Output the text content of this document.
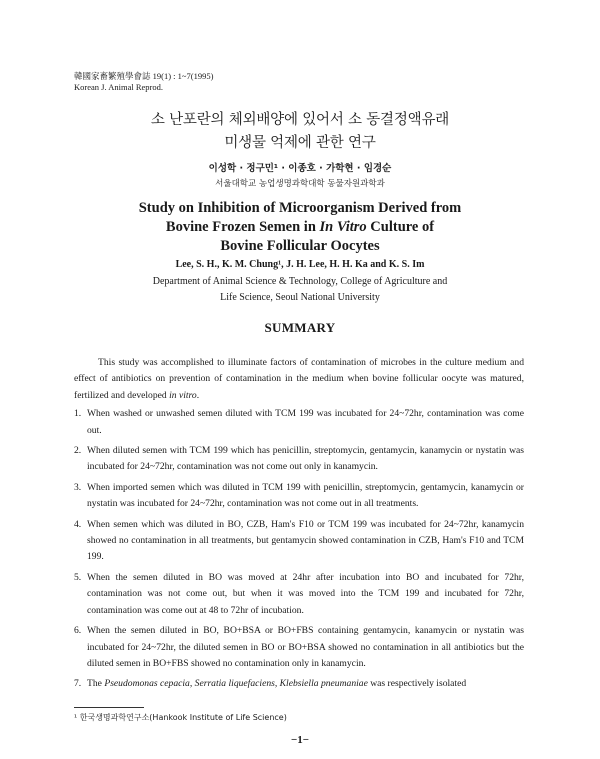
韓國家畜繁殖學會誌 19(1) : 1~7(1995)
Korean J. Animal Reprod.
소 난포란의 체외배양에 있어서 소 동결정액유래
미생물 억제에 관한 연구
이성학 · 정구민¹ · 이종호 · 가학현 · 임경순
서울대학교 농업생명과학대학 동물자원과학과
Study on Inhibition of Microorganism Derived from
Bovine Frozen Semen in In Vitro Culture of
Bovine Follicular Oocytes
Lee, S. H., K. M. Chung¹, J. H. Lee, H. H. Ka and K. S. Im
Department of Animal Science & Technology, College of Agriculture and
Life Science, Seoul National University
SUMMARY

This study was accomplished to illuminate factors of contamination of microbes in the culture medium and effect of antibiotics on prevention of contamination in the medium when bovine follicular oocyte was matured, fertilized and developed in vitro.

1. When washed or unwashed semen diluted with TCM 199 was incubated for 24~72hr, contamination was come out.
2. When diluted semen with TCM 199 which has penicillin, streptomycin, gentamycin, kanamycin or nystatin was incubated for 24~72hr, contamination was not come out only in kanamycin.
3. When imported semen which was diluted in TCM 199 with penicillin, streptomycin, gentamycin, kanamycin or nystatin was incubated for 24~72hr, contamination was not come out in all treatments.
4. When semen which was diluted in BO, CZB, Ham's F10 or TCM 199 was incubated for 24~72hr, kanamycin showed no contamination in all treatments, but gentamycin showed contamination in CZB, Ham's F10 and TCM 199.
5. When the semen diluted in BO was moved at 24hr after incubation into BO and incubated for 72hr, contamination was not come out, but when it was moved into the TCM 199 and incubated for 72hr, contamination was come out at 48 to 72hr of incubation.
6. When the semen diluted in BO, BO+BSA or BO+FBS containing gentamycin, kanamycin or nystatin was incubated for 24~72hr, the diluted semen in BO or BO+BSA showed no contamination in all antibiotics but the diluted semen in BO+FBS showed no contamination only in kanamycin.
7. The Pseudomonas cepacia, Serratia liquefaciens, Klebsiella pneumaniae was respectively isolated
¹ 한국생명과학연구소(Hankook Institute of Life Science)
−1−
